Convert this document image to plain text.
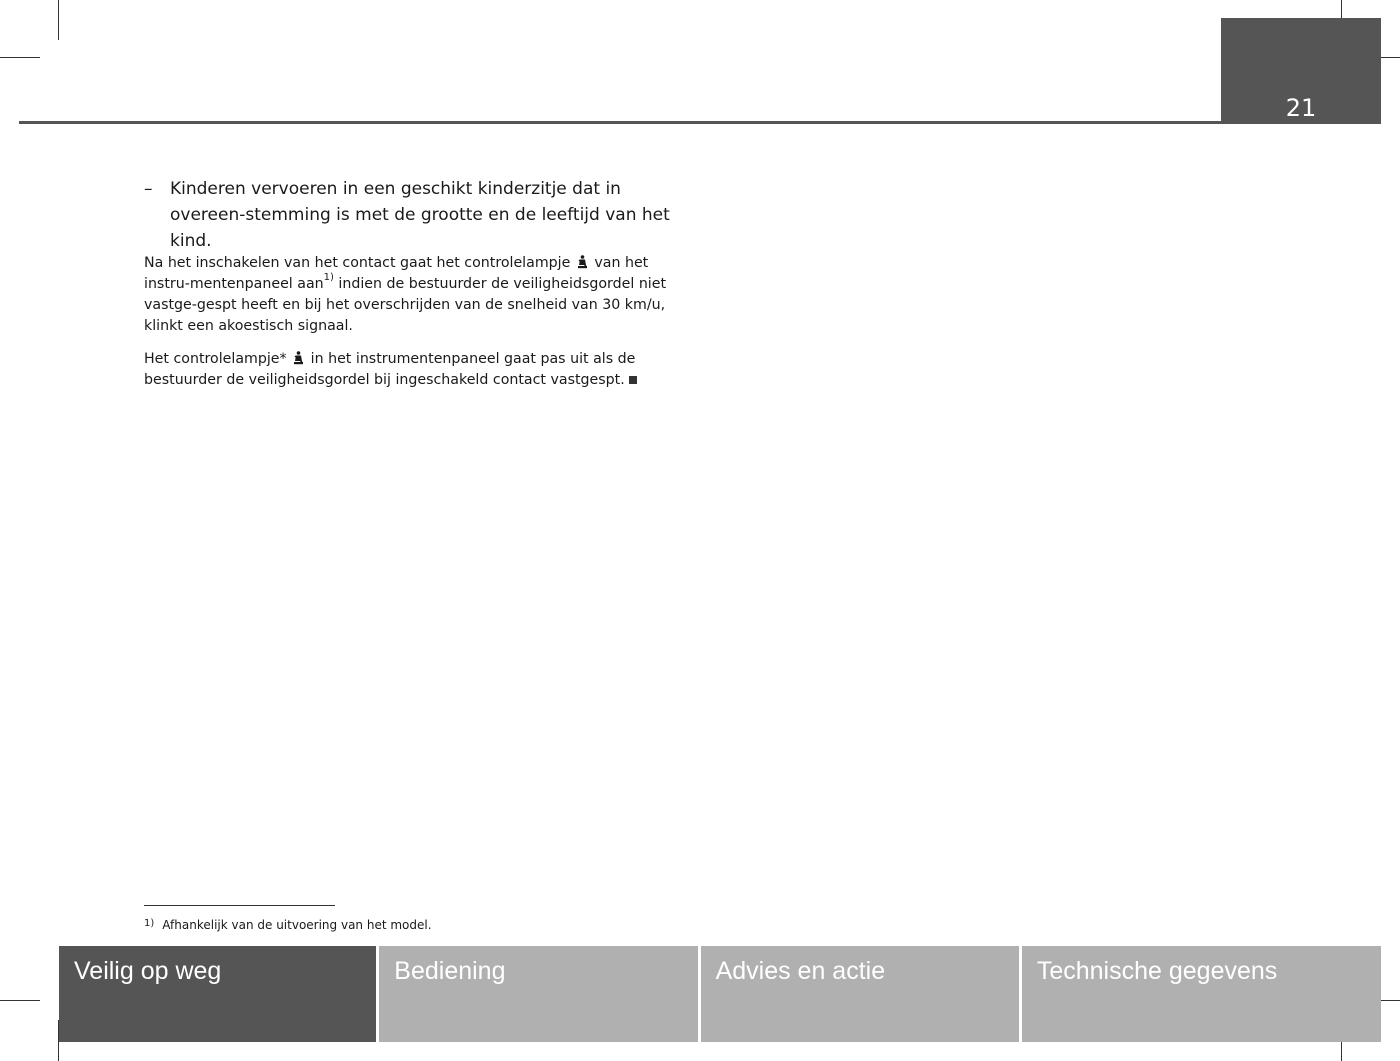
21
– Kinderen vervoeren in een geschikt kinderzitje dat in overeen-stemming is met de grootte en de leeftijd van het kind.
Na het inschakelen van het contact gaat het controlelampje van het instru-mentenpaneel aan$^{1)}$ indien de bestuurder de veiligheidsgordel niet vastge-gespt heeft en bij het overschrijden van de snelheid van 30 km/u, klinkt een akoestisch signaal.
Het controlelampje* in het instrumentenpaneel gaat pas uit als de bestuurder de veiligheidsgordel bij ingeschakeld contact vastgespt.
$^{1)}$ Afhankelijk van de uitvoering van het model.
Veilig op weg	Bediening	Advies en actie	Technische gegevens
